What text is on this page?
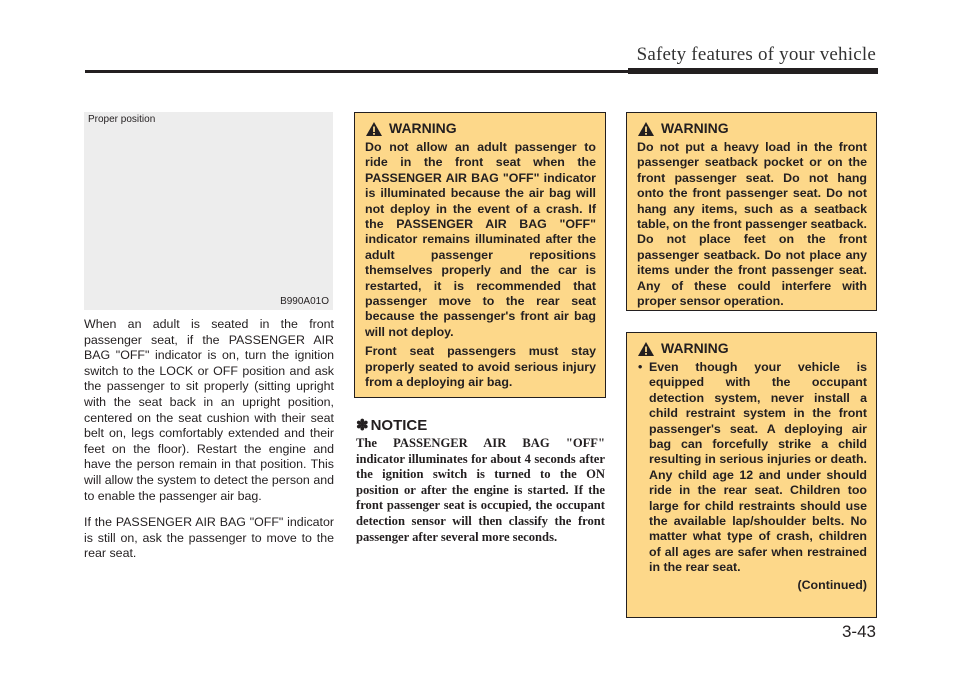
Safety features of your vehicle
Proper position
B990A01O

When an adult is seated in the front passenger seat, if the PASSENGER AIR BAG "OFF" indicator is on, turn the ignition switch to the LOCK or OFF position and ask the passenger to sit properly (sitting upright with the seat back in an upright position, centered on the seat cushion with their seat belt on, legs comfortably extended and their feet on the floor). Restart the engine and have the person remain in that position. This will allow the system to detect the person and to enable the passenger air bag.

If the PASSENGER AIR BAG "OFF" indicator is still on, ask the passenger to move to the rear seat.

WARNING

Do not allow an adult passenger to ride in the front seat when the PASSENGER AIR BAG "OFF" indicator is illuminated because the air bag will not deploy in the event of a crash. If the PASSENGER AIR BAG "OFF" indicator remains illuminated after the adult passenger repositions themselves properly and the car is restarted, it is recommended that passenger move to the rear seat because the passenger's front air bag will not deploy.

Front seat passengers must stay properly seated to avoid serious injury from a deploying air bag.

✽ NOTICE

The PASSENGER AIR BAG "OFF" indicator illuminates for about 4 seconds after the ignition switch is turned to the ON position or after the engine is started. If the front passenger seat is occupied, the occupant detection sensor will then classify the front passenger after several more seconds.

WARNING

Do not put a heavy load in the front passenger seatback pocket or on the front passenger seat. Do not hang onto the front passenger seat. Do not hang any items, such as a seatback table, on the front passenger seatback. Do not place feet on the front passenger seatback. Do not place any items under the front passenger seat. Any of these could interfere with proper sensor operation.

WARNING
• Even though your vehicle is equipped with the occupant detection system, never install a child restraint system in the front passenger's seat. A deploying air bag can forcefully strike a child resulting in serious injuries or death. Any child age 12 and under should ride in the rear seat. Children too large for child restraints should use the available lap/shoulder belts. No matter what type of crash, children of all ages are safer when restrained in the rear seat.
(Continued)
3-43
